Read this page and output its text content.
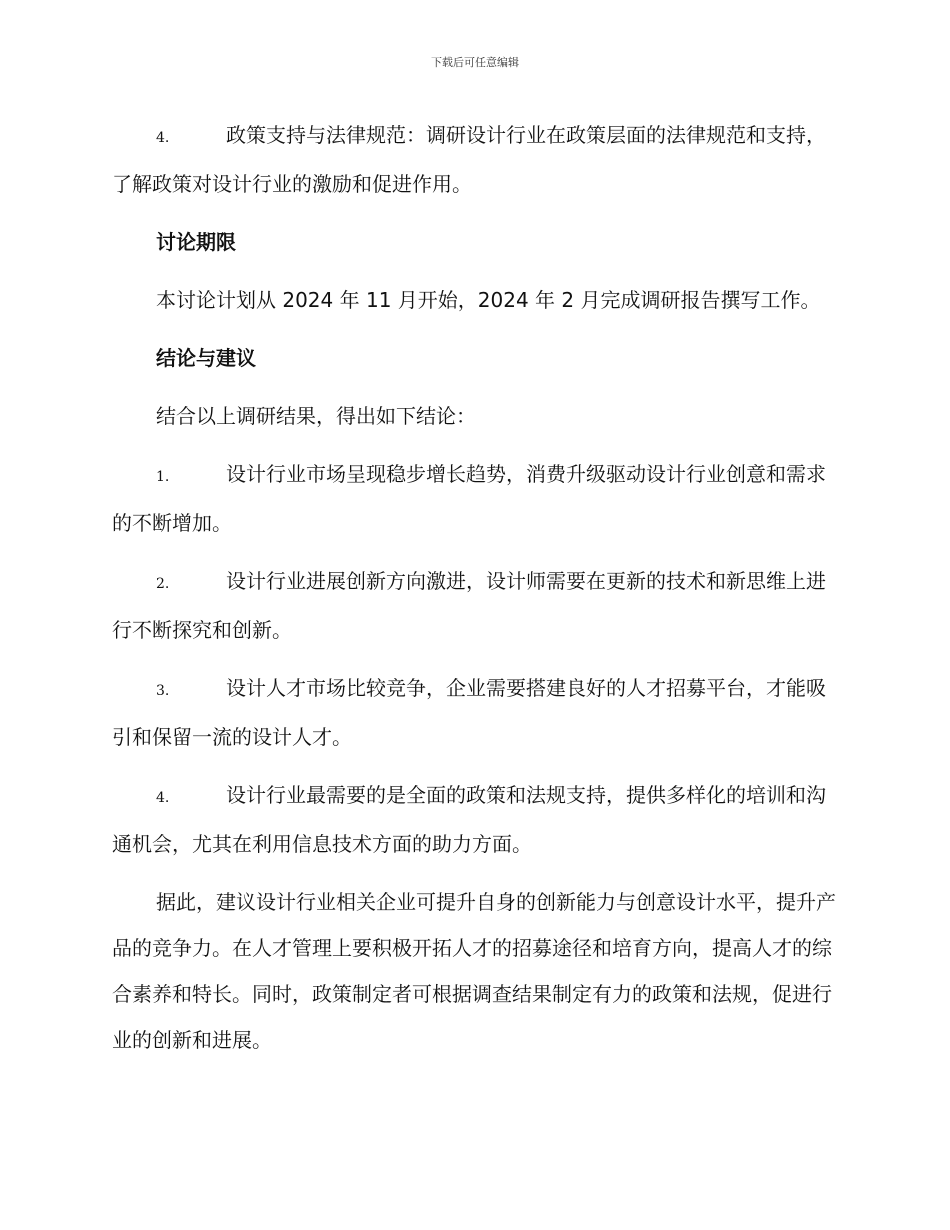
下载后可任意编辑

4.	政策支持与法律规范：调研设计行业在政策层面的法律规范和支持，了解政策对设计行业的激励和促进作用。

讨论期限

本讨论计划从 2024 年 11 月开始，2024 年 2 月完成调研报告撰写工作。

结论与建议

结合以上调研结果，得出如下结论：

1.	设计行业市场呈现稳步增长趋势，消费升级驱动设计行业创意和需求的不断增加。

2.	设计行业进展创新方向激进，设计师需要在更新的技术和新思维上进行不断探究和创新。

3.	设计人才市场比较竞争，企业需要搭建良好的人才招募平台，才能吸引和保留一流的设计人才。

4.	设计行业最需要的是全面的政策和法规支持，提供多样化的培训和沟通机会，尤其在利用信息技术方面的助力方面。

据此，建议设计行业相关企业可提升自身的创新能力与创意设计水平，提升产品的竞争力。在人才管理上要积极开拓人才的招募途径和培育方向，提高人才的综合素养和特长。同时，政策制定者可根据调查结果制定有力的政策和法规，促进行业的创新和进展。
